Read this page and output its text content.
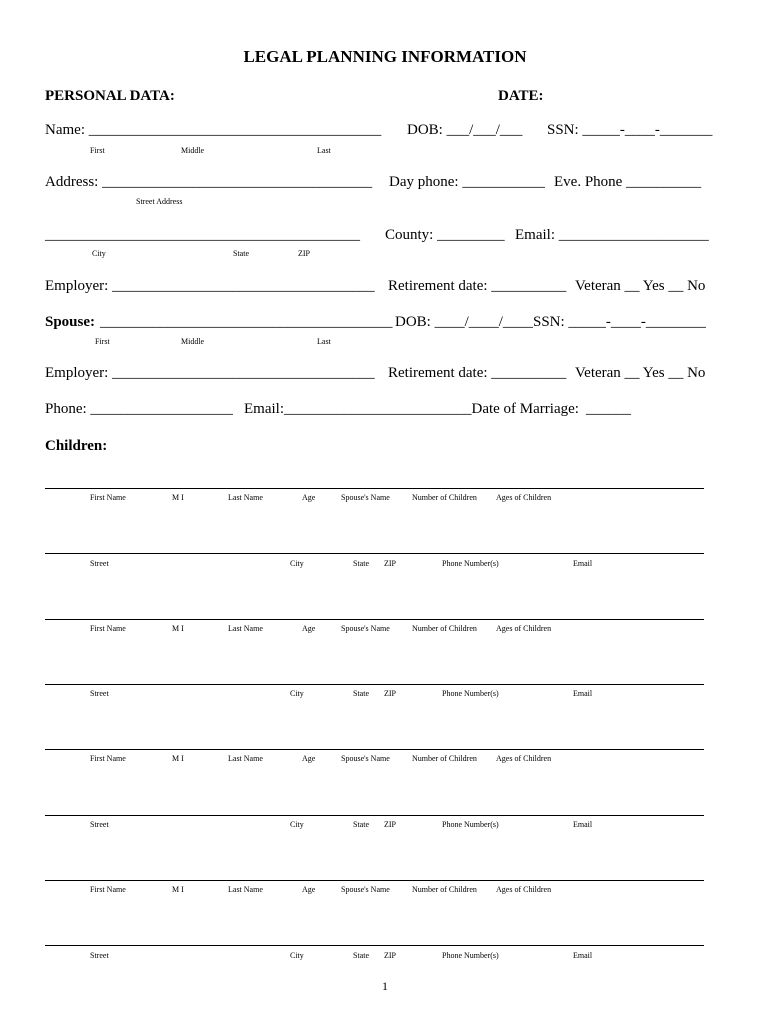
LEGAL PLANNING INFORMATION
PERSONAL DATA:	DATE:
Name: _______________________________________ DOB: ___/___/___ SSN: _____-____-_______
First	Middle	Last
Address: ____________________________________ Day phone: ___________ Eve. Phone __________
Street Address
__________________________________________ County: _________ Email: ____________________
City	State	ZIP
Employer: ___________________________________ Retirement date: __________ Veteran __ Yes __ No
Spouse: _______________________________________ DOB: ____/____/____ SSN: _____-____-________
First	Middle	Last
Employer: ___________________________________ Retirement date: __________ Veteran __ Yes __ No
Phone: ___________________ Email:_________________________Date of Marriage: ______
Children:
First Name	M I	Last Name	Age	Spouse's Name	Number of Children Ages of Children
Street	City	State ZIP	Phone Number(s)	Email
First Name	M I	Last Name	Age	Spouse's Name	Number of Children Ages of Children
Street	City	State ZIP	Phone Number(s)	Email
First Name	M I	Last Name	Age	Spouse's Name	Number of Children Ages of Children
Street	City	State ZIP	Phone Number(s)	Email
First Name	M I	Last Name	Age	Spouse's Name	Number of Children Ages of Children
Street	City	State ZIP	Phone Number(s)	Email
1
